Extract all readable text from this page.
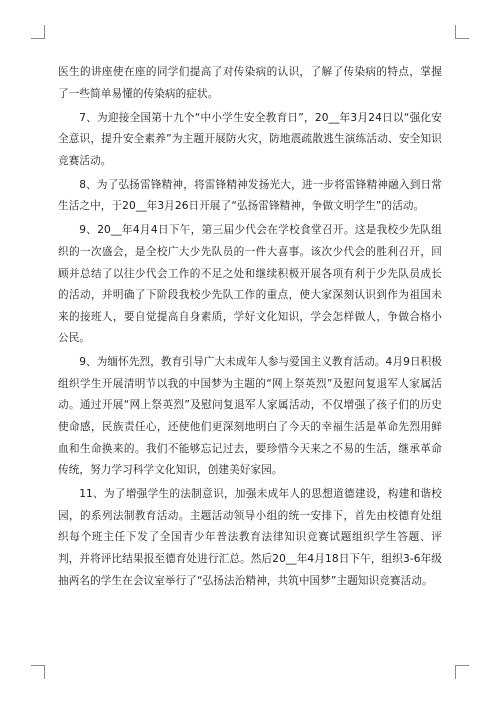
医生的讲座使在座的同学们提高了对传染病的认识，了解了传染病的特点，掌握了一些简单易懂的传染病的症状。

7、为迎接全国第十九个“中小学生安全教育日”，20__年3月24日以“强化安全意识，提升安全素养”为主题开展防火灾，防地震疏散逃生演练活动、安全知识竞赛活动。

8、为了弘扬雷锋精神，将雷锋精神发扬光大，进一步将雷锋精神融入到日常生活之中，于20__年3月26日开展了“弘扬雷锋精神，争做文明学生”的活动。

9、20__年4月4日下午，第三届少代会在学校食堂召开。这是我校少先队组织的一次盛会，是全校广大少先队员的一件大喜事。该次少代会的胜利召开，回顾并总结了以往少代会工作的不足之处和继续积极开展各项有利于少先队员成长的活动，并明确了下阶段我校少先队工作的重点，使大家深刻认识到作为祖国未来的接班人，要自觉提高自身素质，学好文化知识，学会怎样做人，争做合格小公民。

9、为缅怀先烈，教育引导广大未成年人参与爱国主义教育活动。4月9日积极组织学生开展清明节以我的中国梦为主题的“网上祭英烈”及慰问复退军人家属活动。通过开展“网上祭英烈”及慰问复退军人家属活动，不仅增强了孩子们的历史使命感，民族责任心，还使他们更深刻地明白了今天的幸福生活是革命先烈用鲜血和生命换来的。我们不能够忘记过去，要珍惜今天来之不易的生活，继承革命传统，努力学习科学文化知识，创建美好家园。

11、为了增强学生的法制意识，加强未成年人的思想道德建设，构建和谐校园，的系列法制教育活动。主题活动领导小组的统一安排下，首先由校德育处组织每个班主任下发了全国青少年普法教育法律知识竞赛试题组织学生答题、评判，并将评比结果报至德育处进行汇总。然后20__年4月18日下午，组织3-6年级抽两名的学生在会议室举行了“弘扬法治精神，共筑中国梦”主题知识竞赛活动。
